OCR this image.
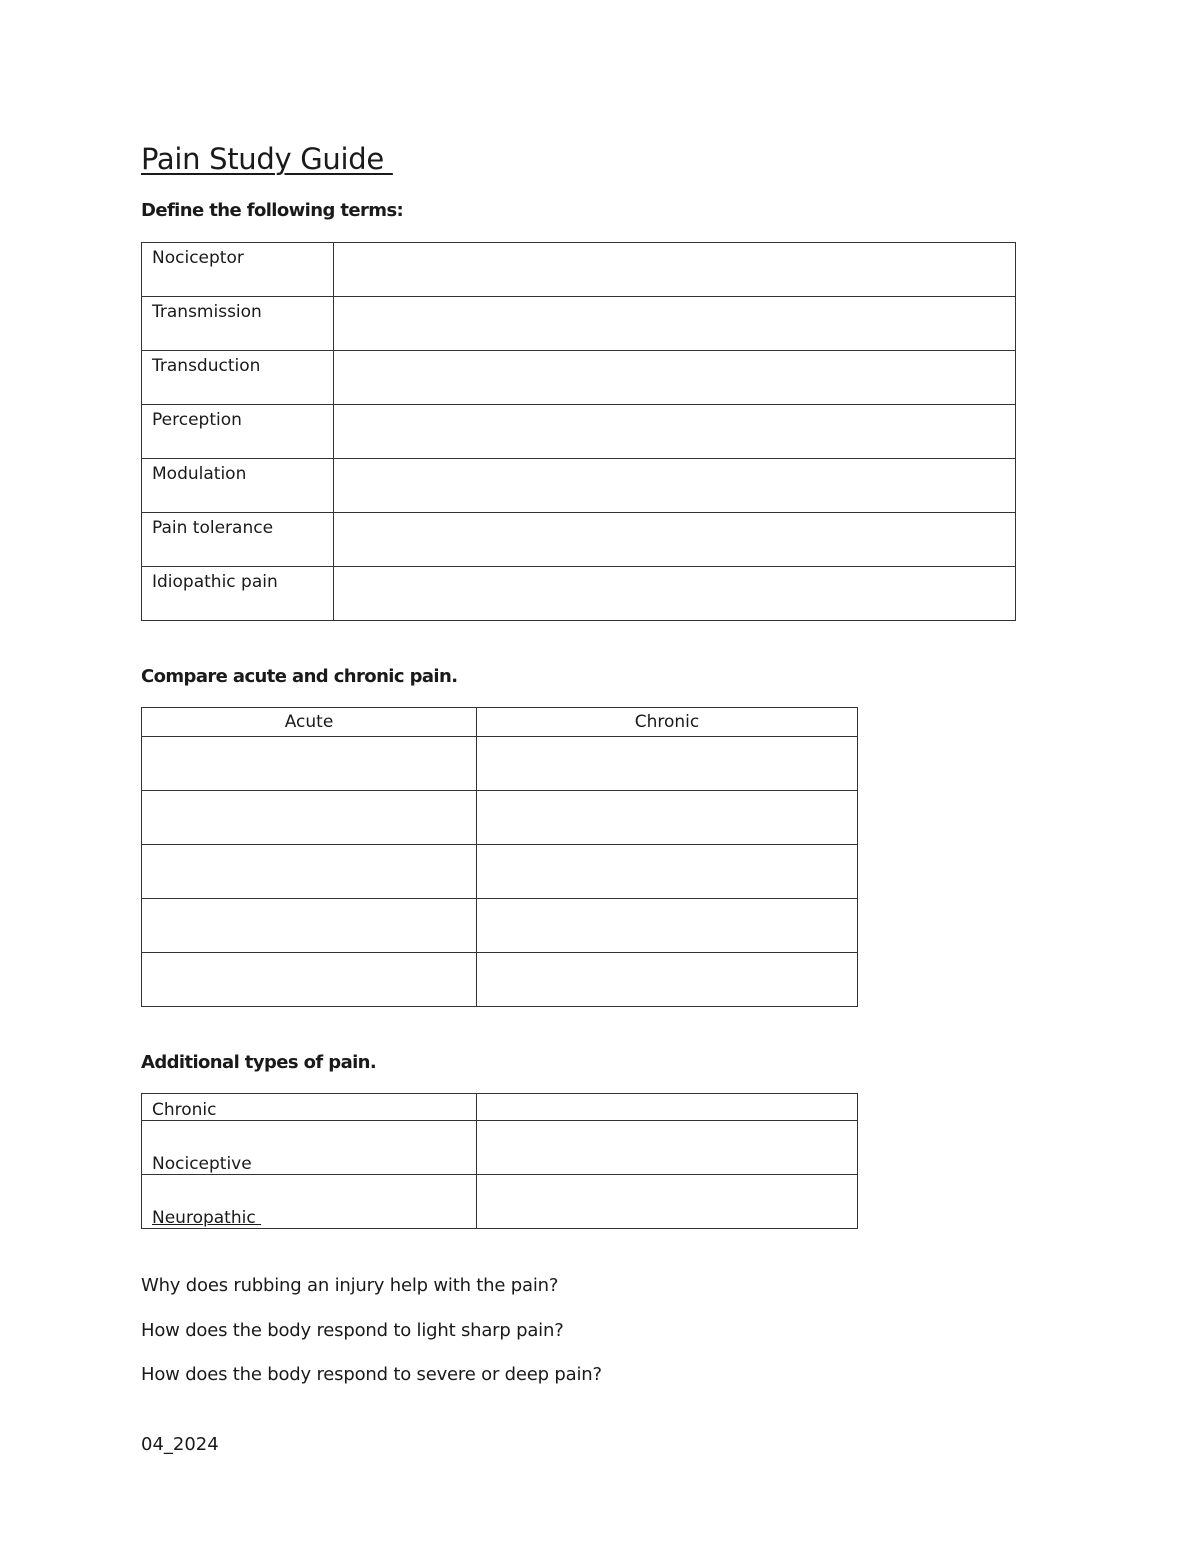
Pain Study Guide
Define the following terms:
Nociceptor	
Transmission	
Transduction	
Perception	
Modulation	
Pain tolerance	
Idiopathic pain	
Compare acute and chronic pain.
Acute	Chronic

Additional types of pain.
Chronic	
Nociceptive	
Neuropathic	
Why does rubbing an injury help with the pain?
How does the body respond to light sharp pain?
How does the body respond to severe or deep pain?
04_2024
